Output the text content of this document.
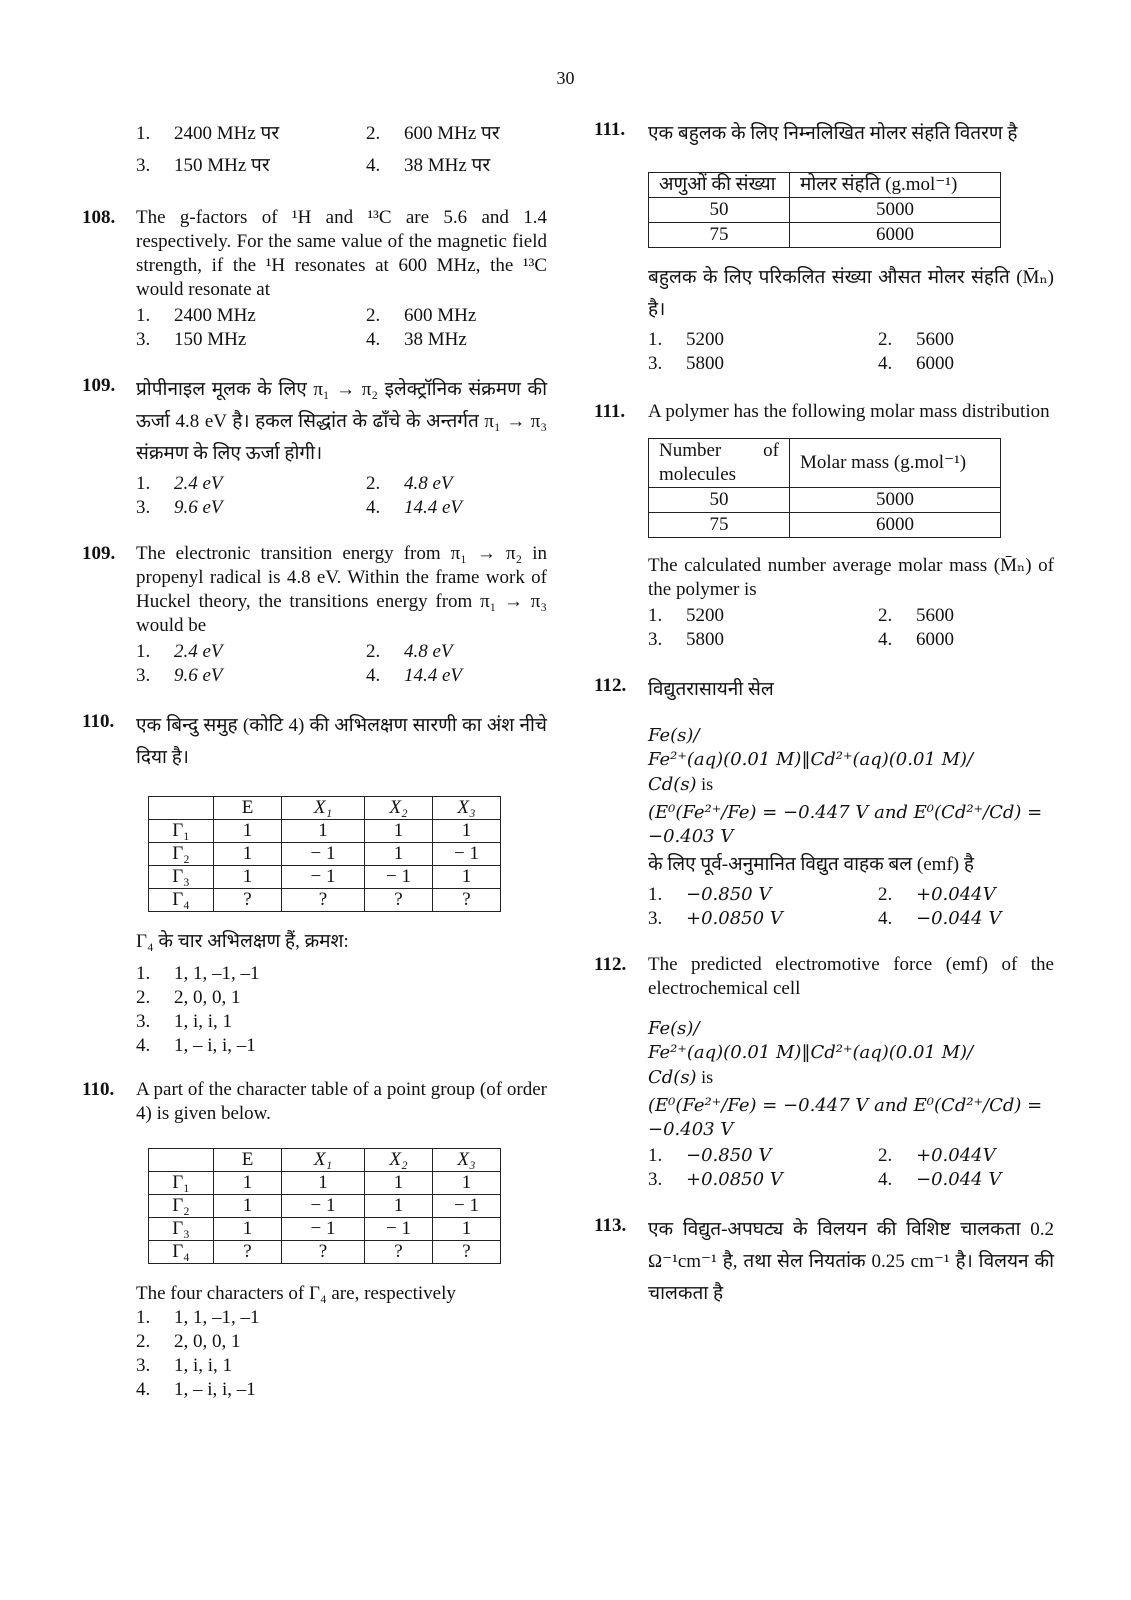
30
1.	2400 MHz पर	2.	600 MHz पर
3.	150 MHz पर	4.	38 MHz पर
108.	The g-factors of ¹H and ¹³C are 5.6 and 1.4 respectively. For the same value of the magnetic field strength, if the ¹H resonates at 600 MHz, the ¹³C would resonate at
1.	2400 MHz	2.	600 MHz
3.	150 MHz	4.	38 MHz
109.	प्रोपीनाइल मूलक के लिए π₁ → π₂ इलेक्ट्रॉनिक संक्रमण की ऊर्जा 4.8 eV है। हकल सिद्धांत के ढाँचे के अन्तर्गत π₁ → π₃ संक्रमण के लिए ऊर्जा होगी।
1.	2.4 eV	2.	4.8 eV
3.	9.6 eV	4.	14.4 eV
109.	The electronic transition energy from π₁ → π₂ in propenyl radical is 4.8 eV. Within the frame work of Huckel theory, the transitions energy from π₁ → π₃ would be
1.	2.4 eV	2.	4.8 eV
3.	9.6 eV	4.	14.4 eV
110.	एक बिन्दु समुह (कोटि 4) की अभिलक्षण सारणी का अंश नीचे दिया है।
	E	X₁	X₂	X₃
Γ₁	1	1	1	1
Γ₂	1	− 1	1	− 1
Γ₃	1	− 1	− 1	1
Γ₄	?	?	?	?
Γ₄ के चार अभिलक्षण हैं, क्रमश:
1.	1, 1, –1, –1
2.	2, 0, 0, 1
3.	1, i, i, 1
4.	1, – i, i, –1
110.	A part of the character table of a point group (of order 4) is given below.
	E	X₁	X₂	X₃
Γ₁	1	1	1	1
Γ₂	1	− 1	1	− 1
Γ₃	1	− 1	− 1	1
Γ₄	?	?	?	?
The four characters of Γ₄ are, respectively
1.	1, 1, –1, –1
2.	2, 0, 0, 1
3.	1, i, i, 1
4.	1, – i, i, –1
111.	एक बहुलक के लिए निम्नलिखित मोलर संहति वितरण है
अणुओं की संख्या	मोलर संहति (g.mol⁻¹)
50	5000
75	6000
बहुलक के लिए परिकलित संख्या औसत मोलर संहति (M̄ₙ) है।
1.	5200	2.	5600
3.	5800	4.	6000
111.	A polymer has the following molar mass distribution
Number of molecules	Molar mass (g.mol⁻¹)
50	5000
75	6000
The calculated number average molar mass (M̄ₙ) of the polymer is
1.	5200	2.	5600
3.	5800	4.	6000
112.	विद्युतरासायनी सेल
Fe(s)/
Fe²⁺(aq)(0.01 M)‖Cd²⁺(aq)(0.01 M)/
Cd(s) is
(E⁰(Fe²⁺/Fe) = −0.447 V and E⁰(Cd²⁺/Cd) =
−0.403 V
के लिए पूर्व-अनुमानित विद्युत वाहक बल (emf) है
1.	−0.850 V	2.	+0.044V
3.	+0.0850 V	4.	−0.044 V
112.	The predicted electromotive force (emf) of the electrochemical cell
Fe(s)/
Fe²⁺(aq)(0.01 M)‖Cd²⁺(aq)(0.01 M)/
Cd(s) is
(E⁰(Fe²⁺/Fe) = −0.447 V and E⁰(Cd²⁺/Cd) =
−0.403 V
1.	−0.850 V	2.	+0.044V
3.	+0.0850 V	4.	−0.044 V
113.	एक विद्युत-अपघट्य के विलयन की विशिष्ट चालकता 0.2 Ω⁻¹cm⁻¹ है, तथा सेल नियतांक 0.25 cm⁻¹ है। विलयन की चालकता है
